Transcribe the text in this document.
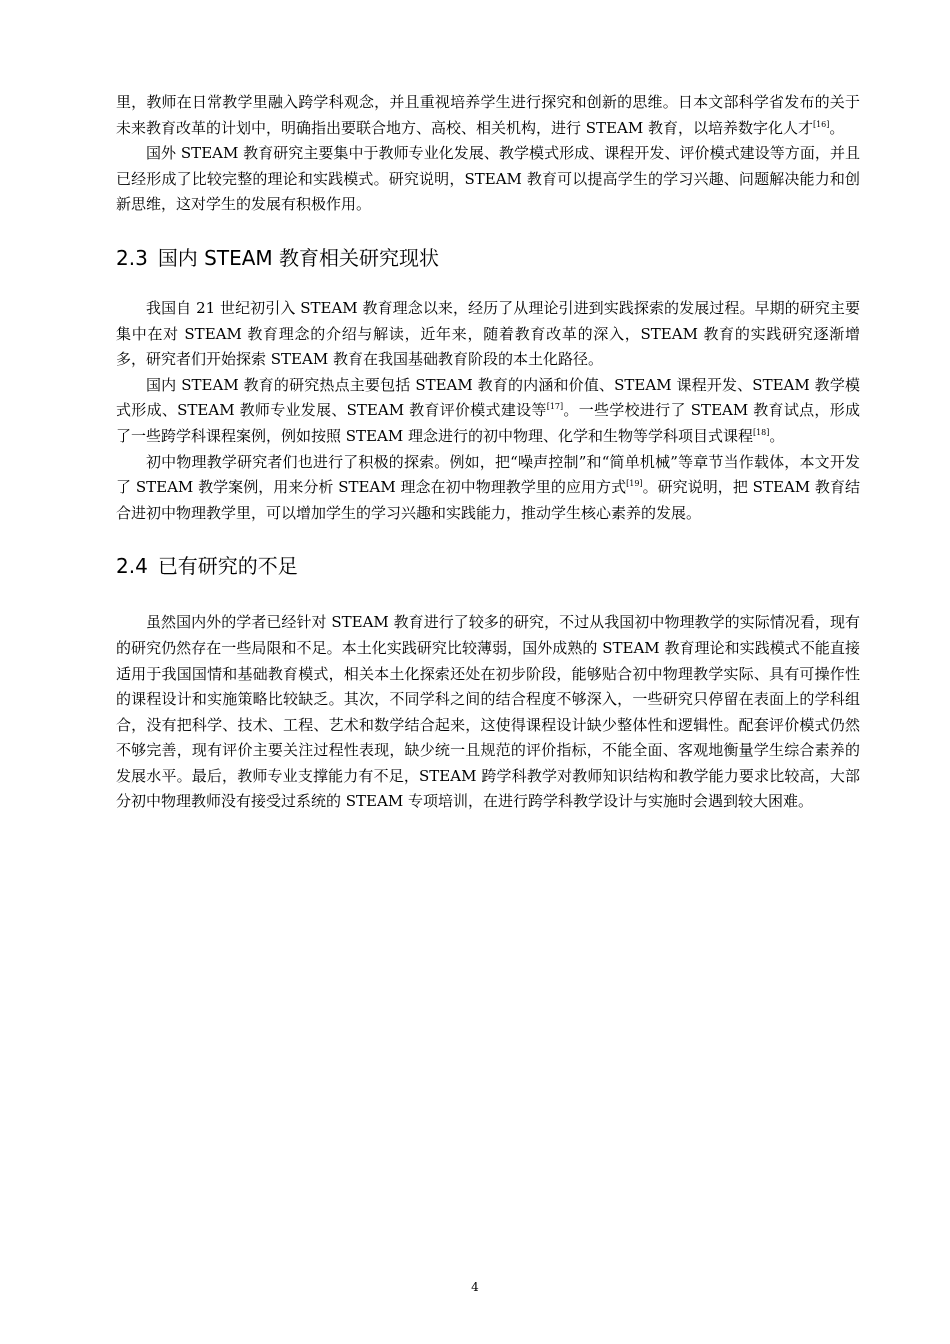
里，教师在日常教学里融入跨学科观念，并且重视培养学生进行探究和创新的思维。日本文部科学省发布的关于未来教育改革的计划中，明确指出要联合地方、高校、相关机构，进行 STEAM 教育，以培养数字化人才[16]。

国外 STEAM 教育研究主要集中于教师专业化发展、教学模式形成、课程开发、评价模式建设等方面，并且已经形成了比较完整的理论和实践模式。研究说明，STEAM 教育可以提高学生的学习兴趣、问题解决能力和创新思维，这对学生的发展有积极作用。

2.3 国内 STEAM 教育相关研究现状

我国自 21 世纪初引入 STEAM 教育理念以来，经历了从理论引进到实践探索的发展过程。早期的研究主要集中在对 STEAM 教育理念的介绍与解读，近年来，随着教育改革的深入，STEAM 教育的实践研究逐渐增多，研究者们开始探索 STEAM 教育在我国基础教育阶段的本土化路径。

国内 STEAM 教育的研究热点主要包括 STEAM 教育的内涵和价值、STEAM 课程开发、STEAM 教学模式形成、STEAM 教师专业发展、STEAM 教育评价模式建设等[17]。一些学校进行了 STEAM 教育试点，形成了一些跨学科课程案例，例如按照 STEAM 理念进行的初中物理、化学和生物等学科项目式课程[18]。

初中物理教学研究者们也进行了积极的探索。例如，把“噪声控制”和“简单机械”等章节当作载体，本文开发了 STEAM 教学案例，用来分析 STEAM 理念在初中物理教学里的应用方式[19]。研究说明，把 STEAM 教育结合进初中物理教学里，可以增加学生的学习兴趣和实践能力，推动学生核心素养的发展。

2.4 已有研究的不足

虽然国内外的学者已经针对 STEAM 教育进行了较多的研究，不过从我国初中物理教学的实际情况看，现有的研究仍然存在一些局限和不足。本土化实践研究比较薄弱，国外成熟的 STEAM 教育理论和实践模式不能直接适用于我国国情和基础教育模式，相关本土化探索还处在初步阶段，能够贴合初中物理教学实际、具有可操作性的课程设计和实施策略比较缺乏。其次，不同学科之间的结合程度不够深入，一些研究只停留在表面上的学科组合，没有把科学、技术、工程、艺术和数学结合起来，这使得课程设计缺少整体性和逻辑性。配套评价模式仍然不够完善，现有评价主要关注过程性表现，缺少统一且规范的评价指标，不能全面、客观地衡量学生综合素养的发展水平。最后，教师专业支撑能力有不足，STEAM 跨学科教学对教师知识结构和教学能力要求比较高，大部分初中物理教师没有接受过系统的 STEAM 专项培训，在进行跨学科教学设计与实施时会遇到较大困难。

4
